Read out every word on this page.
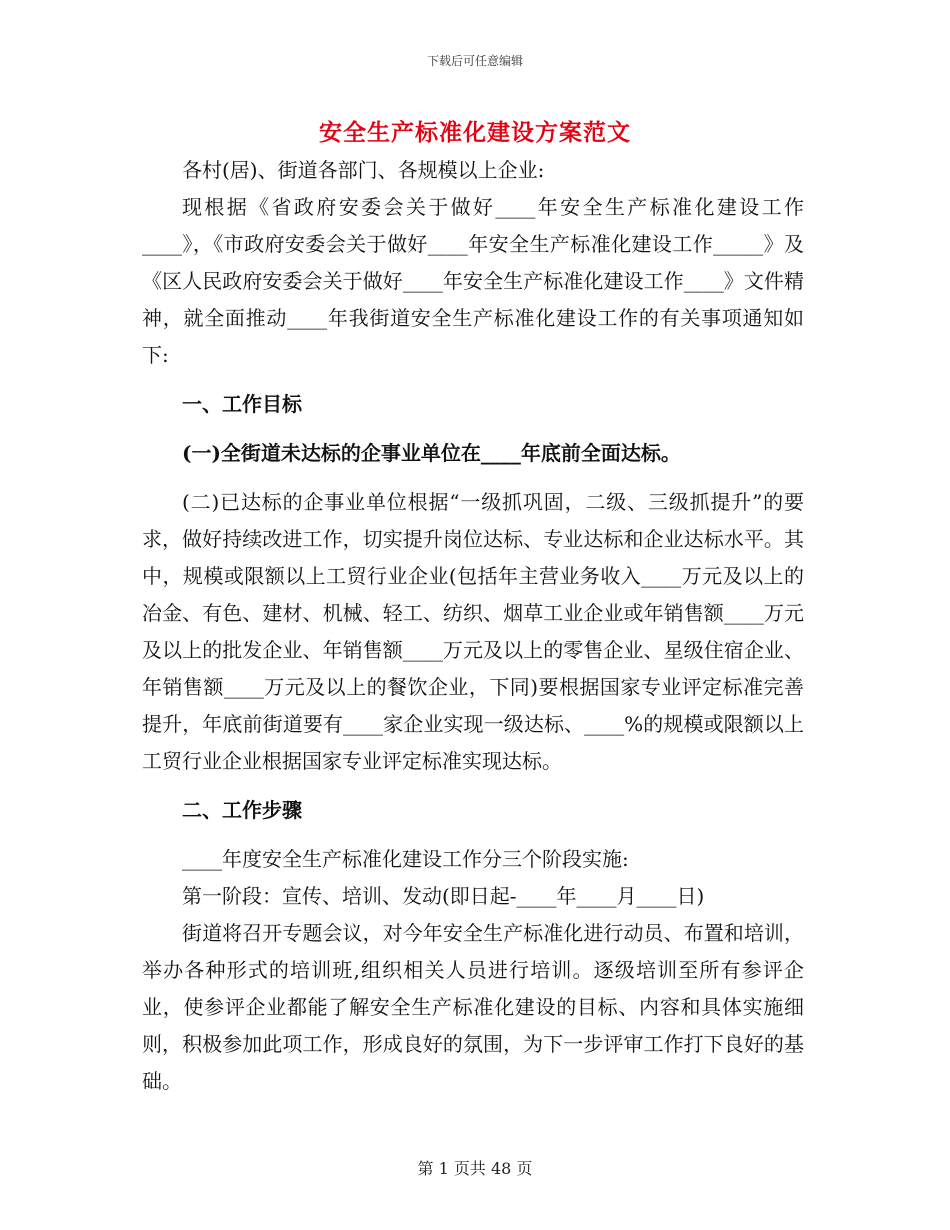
下载后可任意编辑
安全生产标准化建设方案范文

各村(居)、街道各部门、各规模以上企业:

现根据《省政府安委会关于做好____年安全生产标准化建设工作____》，《市政府安委会关于做好____年安全生产标准化建设工作_____》及《区人民政府安委会关于做好____年安全生产标准化建设工作____》文件精神，就全面推动____年我街道安全生产标准化建设工作的有关事项通知如下:

一、工作目标

(一)全街道未达标的企事业单位在____年底前全面达标。

(二)已达标的企事业单位根据“一级抓巩固，二级、三级抓提升”的要求，做好持续改进工作，切实提升岗位达标、专业达标和企业达标水平。其中，规模或限额以上工贸行业企业(包括年主营业务收入____万元及以上的冶金、有色、建材、机械、轻工、纺织、烟草工业企业或年销售额____万元及以上的批发企业、年销售额____万元及以上的零售企业、星级住宿企业、年销售额____万元及以上的餐饮企业，下同)要根据国家专业评定标准完善提升，年底前街道要有____家企业实现一级达标、____%的规模或限额以上工贸行业企业根据国家专业评定标准实现达标。

二、工作步骤

____年度安全生产标准化建设工作分三个阶段实施:

第一阶段：宣传、培训、发动(即日起-____年____月____日)

街道将召开专题会议，对今年安全生产标准化进行动员、布置和培训，举办各种形式的培训班,组织相关人员进行培训。逐级培训至所有参评企业，使参评企业都能了解安全生产标准化建设的目标、内容和具体实施细则，积极参加此项工作，形成良好的氛围，为下一步评审工作打下良好的基础。

第 1 页共 48 页
